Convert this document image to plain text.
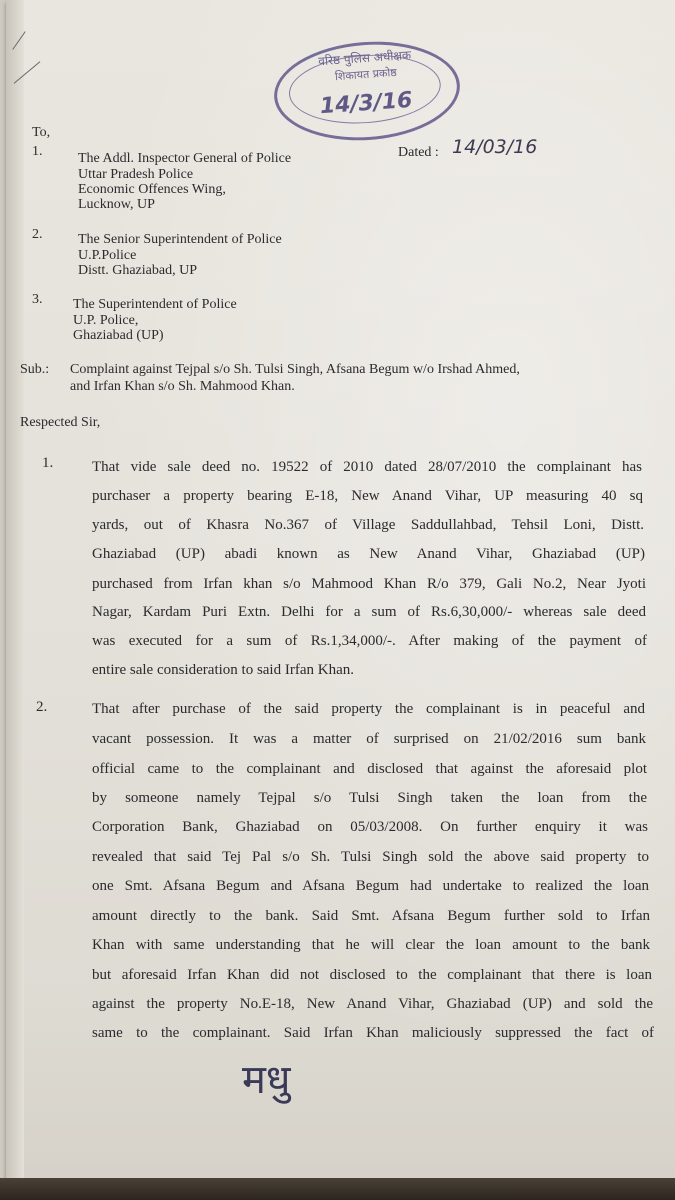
वरिष्ठ पुलिस अधीक्षक
शिकायत प्रकोष्ठ
14/3/16
To,
Dated : 14/03/16
1.	The Addl. Inspector General of Police
Uttar Pradesh Police
Economic Offences Wing,
Lucknow, UP
2.	The Senior Superintendent of Police
U.P.Police
Distt. Ghaziabad, UP
3. The Superintendent of Police
U.P. Police,
Ghaziabad (UP)
Sub.: Complaint against Tejpal s/o Sh. Tulsi Singh, Afsana Begum w/o Irshad Ahmed,
and Irfan Khan s/o Sh. Mahmood Khan.
Respected Sir,
1.	That vide sale deed no. 19522 of 2010 dated 28/07/2010 the complainant has
purchaser a property bearing E-18, New Anand Vihar, UP measuring 40 sq
yards, out of Khasra No.367 of Village Saddullahbad, Tehsil Loni, Distt.
Ghaziabad (UP) abadi known as New Anand Vihar, Ghaziabad (UP)
purchased from Irfan khan s/o Mahmood Khan R/o 379, Gali No.2, Near Jyoti
Nagar, Kardam Puri Extn. Delhi for a sum of Rs.6,30,000/- whereas sale deed
was executed for a sum of Rs.1,34,000/-. After making of the payment of
entire sale consideration to said Irfan Khan.
2.	That after purchase of the said property the complainant is in peaceful and
vacant possession. It was a matter of surprised on 21/02/2016 sum bank
official came to the complainant and disclosed that against the aforesaid plot
by someone namely Tejpal s/o Tulsi Singh taken the loan from the
Corporation Bank, Ghaziabad on 05/03/2008. On further enquiry it was
revealed that said Tej Pal s/o Sh. Tulsi Singh sold the above said property to
one Smt. Afsana Begum and Afsana Begum had undertake to realized the loan
amount directly to the bank. Said Smt. Afsana Begum further sold to Irfan
Khan with same understanding that he will clear the loan amount to the bank
but aforesaid Irfan Khan did not disclosed to the complainant that there is loan
against the property No.E-18, New Anand Vihar, Ghaziabad (UP) and sold the
same to the complainant. Said Irfan Khan maliciously suppressed the fact of
मधु
